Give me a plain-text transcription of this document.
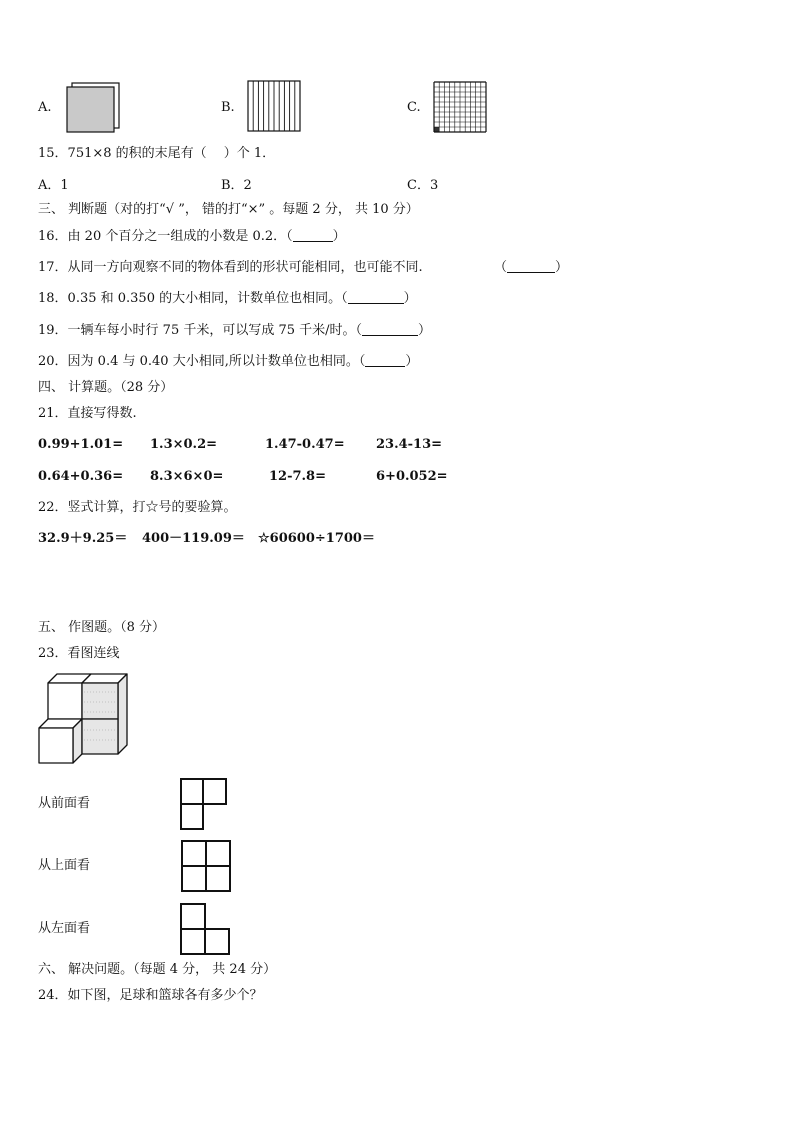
A.	B.	C.
15．751×8 的积的末尾有（　 ）个 1．
A．1	B．2	C．3
三、 判断题（对的打“√ ”， 错的打“×” 。每题 2 分， 共 10 分）
16．由 20 个百分之一组成的小数是 0.2．（	）
17．从同一方向观察不同的物体看到的形状可能相同，也可能不同.	（	）
18．0.35 和 0.350 的大小相同，计数单位也相同。（	）
19．一辆车每小时行 75 千米，可以写成 75 千米/时。（	）
20．因为 0.4 与 0.40 大小相同,所以计数单位也相同。（	）
四、 计算题。（28 分）
21．直接写得数.
0.99+1.01= 1.3×0.2=	1.47-0.47= 23.4-13=
0.64+0.36= 8.3×6×0=	12-7.8=	6+0.052=
22．竖式计算，打☆号的要验算。
32.9＋9.25＝ 400－119.09＝ ☆60600÷1700＝
五、 作图题。（8 分）
23．看图连线
从前面看
从上面看
从左面看
六、 解决问题。（每题 4 分， 共 24 分）
24．如下图，足球和篮球各有多少个？
